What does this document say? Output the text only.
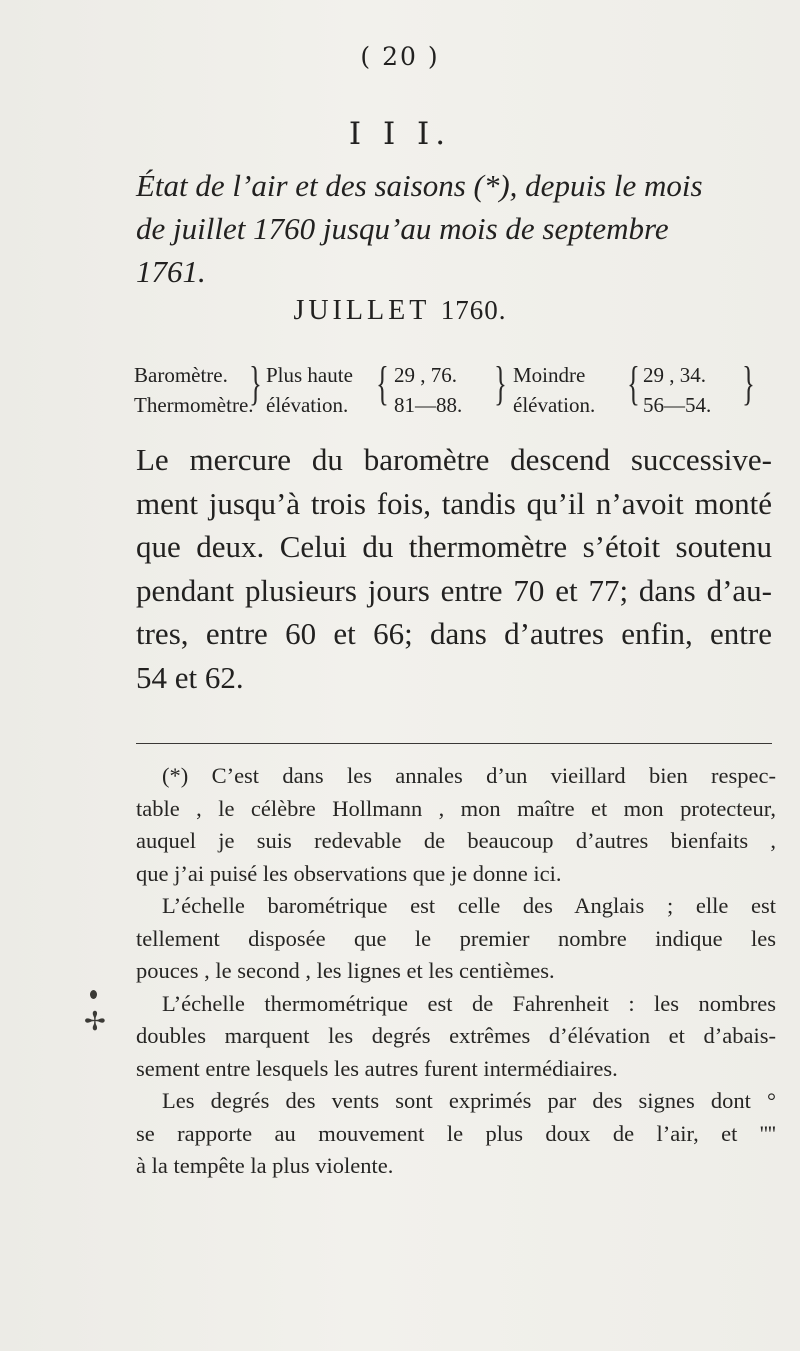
( 20 )
I I I.

État de l’air et des saisons (*), depuis le mois
de juillet 1760 jusqu’au mois de septembre
1761.

JUILLET 1760.
Baromètre.
Thermomètre.
} Plus haute
élévation. { 29 , 76.
81—88. } Moindre
élévation. { 29 , 34.
56—54. }

Le mercure du baromètre descend successive-
ment jusqu’à trois fois, tandis qu’il n’avoit monté
que deux. Celui du thermomètre s’étoit soutenu
pendant plusieurs jours entre 70 et 77; dans d’au-
tres, entre 60 et 66; dans d’autres enfin, entre
54 et 62.

(*) C’est dans les annales d’un vieillard bien respec-
table , le célèbre Hollmann , mon maître et mon protecteur,
auquel je suis redevable de beaucoup d’autres bienfaits ,
que j’ai puisé les observations que je donne ici.
L’échelle barométrique est celle des Anglais ; elle est
tellement disposée que le premier nombre indique les
pouces , le second , les lignes et les centièmes.
L’échelle thermométrique est de Fahrenheit : les nombres
doubles marquent les degrés extrêmes d’élévation et d’abais-
sement entre lesquels les autres furent intermédiaires.
Les degrés des vents sont exprimés par des signes dont °
se rapporte au mouvement le plus doux de l’air, et ''''
à la tempête la plus violente.

✢
